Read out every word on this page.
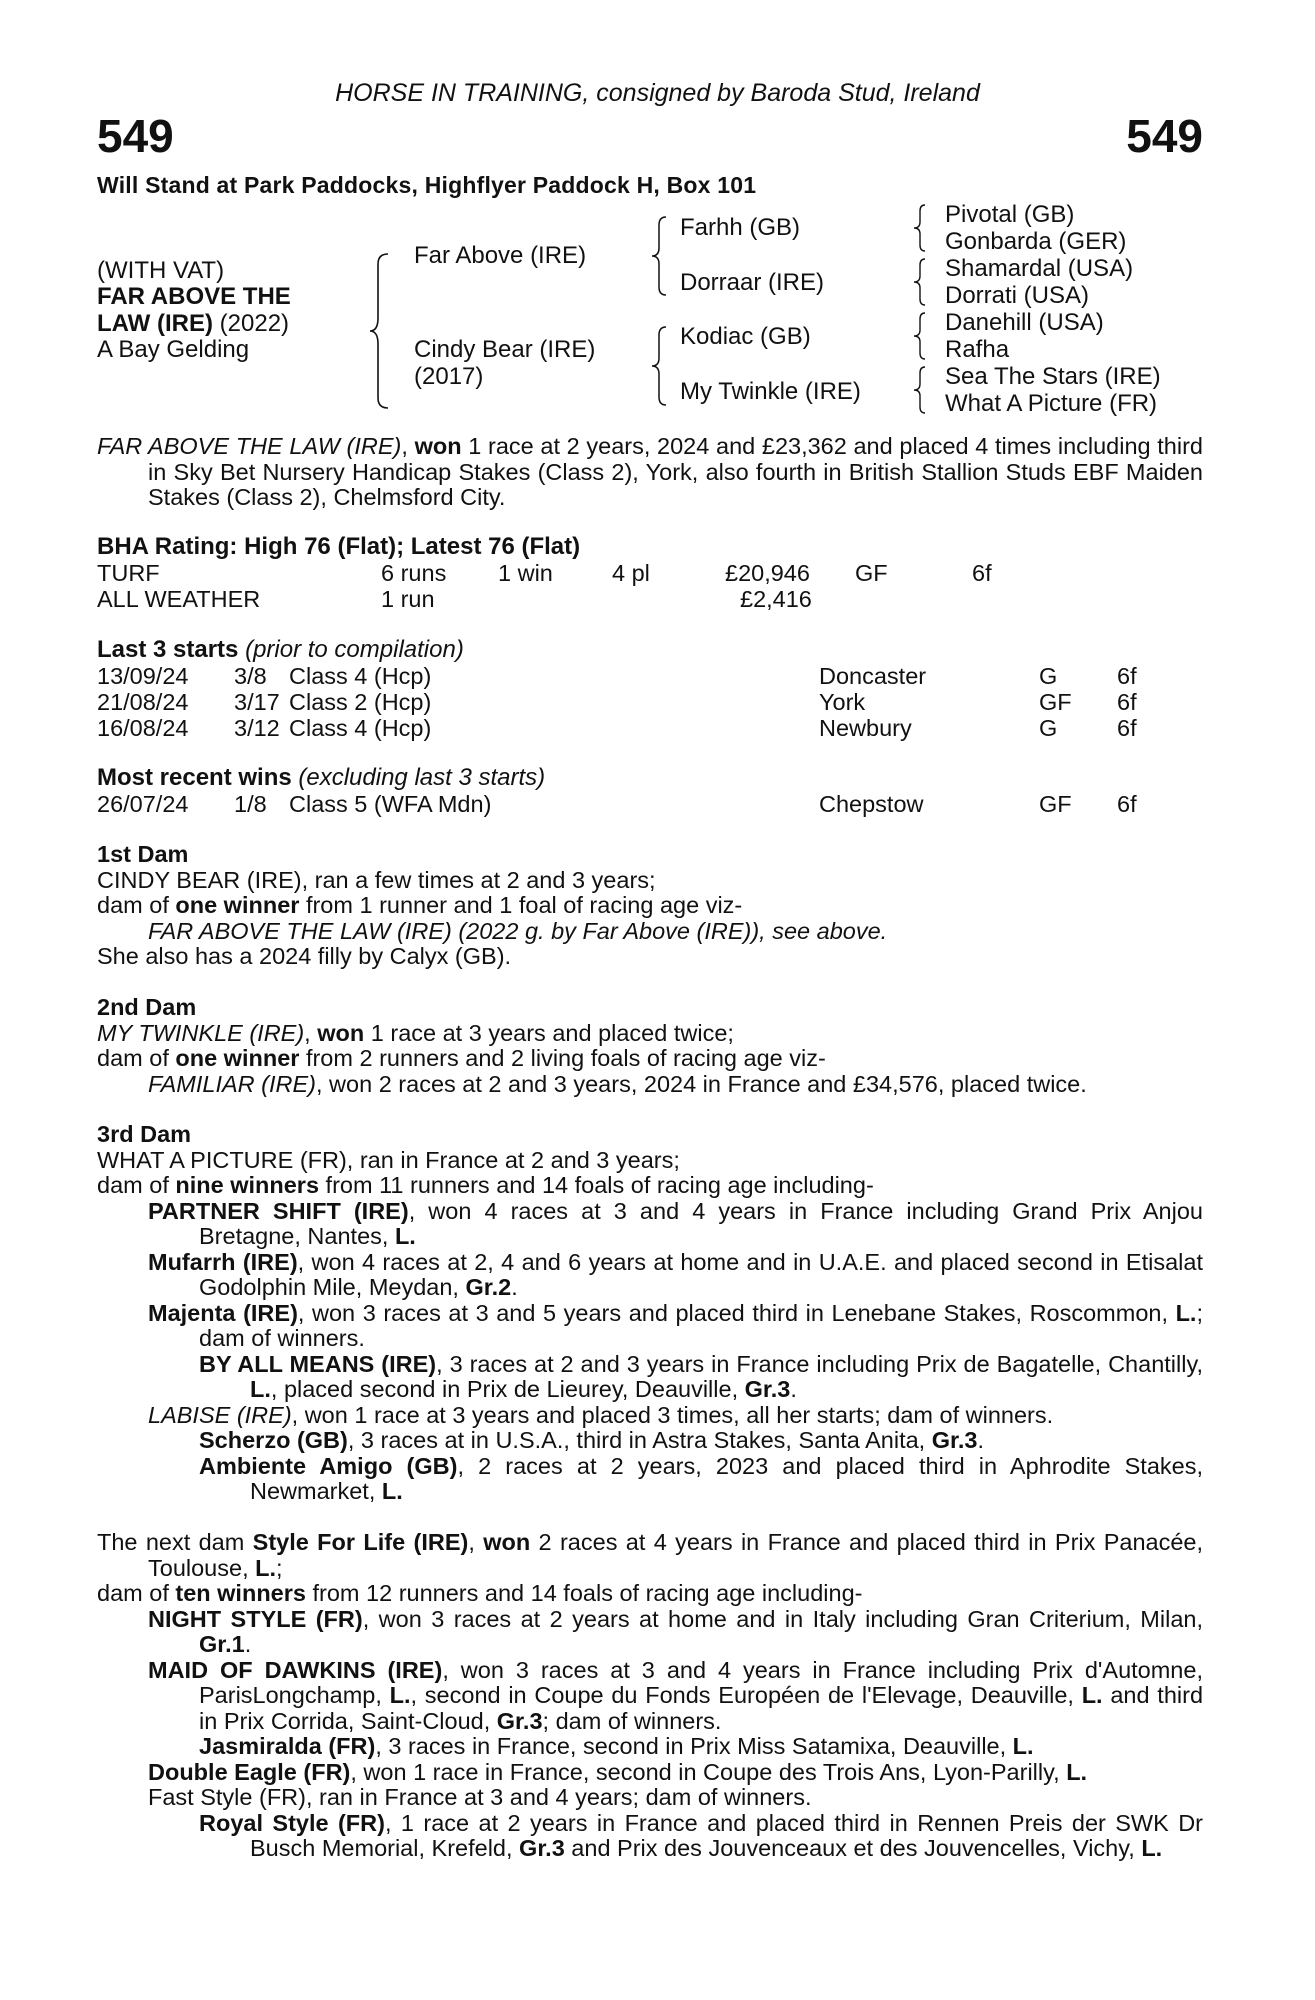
HORSE IN TRAINING, consigned by Baroda Stud, Ireland
549	549
Will Stand at Park Paddocks, Highflyer Paddock H, Box 101
(WITH VAT)
FAR ABOVE THE
LAW (IRE) (2022)
A Bay Gelding
Far Above (IRE)
Cindy Bear (IRE)
(2017)
Farhh (GB)
Dorraar (IRE)
Kodiac (GB)
My Twinkle (IRE)
Pivotal (GB)
Gonbarda (GER)
Shamardal (USA)
Dorrati (USA)
Danehill (USA)
Rafha
Sea The Stars (IRE)
What A Picture (FR)

FAR ABOVE THE LAW (IRE), won 1 race at 2 years, 2024 and £23,362 and placed 4 times including third in Sky Bet Nursery Handicap Stakes (Class 2), York, also fourth in British Stallion Studs EBF Maiden Stakes (Class 2), Chelmsford City.

BHA Rating: High 76 (Flat); Latest 76 (Flat)
TURF	6 runs 1 win	4 pl	£20,946 GF	6f
ALL WEATHER	1 run	£2,416
Last 3 starts (prior to compilation)
13/09/24 3/8 Class 4 (Hcp)	Doncaster	G	6f
21/08/24 3/17 Class 2 (Hcp)	York	GF 6f
16/08/24 3/12 Class 4 (Hcp)	Newbury	G	6f
Most recent wins (excluding last 3 starts)
26/07/24 1/8 Class 5 (WFA Mdn)	Chepstow	GF 6f

1st Dam

CINDY BEAR (IRE), ran a few times at 2 and 3 years;

dam of one winner from 1 runner and 1 foal of racing age viz-

FAR ABOVE THE LAW (IRE) (2022 g. by Far Above (IRE)), see above.

She also has a 2024 filly by Calyx (GB).

2nd Dam

MY TWINKLE (IRE), won 1 race at 3 years and placed twice;

dam of one winner from 2 runners and 2 living foals of racing age viz-

FAMILIAR (IRE), won 2 races at 2 and 3 years, 2024 in France and £34,576, placed twice.

3rd Dam

WHAT A PICTURE (FR), ran in France at 2 and 3 years;

dam of nine winners from 11 runners and 14 foals of racing age including-

PARTNER SHIFT (IRE), won 4 races at 3 and 4 years in France including Grand Prix Anjou Bretagne, Nantes, L.

Mufarrh (IRE), won 4 races at 2, 4 and 6 years at home and in U.A.E. and placed second in Etisalat Godolphin Mile, Meydan, Gr.2.

Majenta (IRE), won 3 races at 3 and 5 years and placed third in Lenebane Stakes, Roscommon, L.; dam of winners.

BY ALL MEANS (IRE), 3 races at 2 and 3 years in France including Prix de Bagatelle, Chantilly, L., placed second in Prix de Lieurey, Deauville, Gr.3.

LABISE (IRE), won 1 race at 3 years and placed 3 times, all her starts; dam of winners.

Scherzo (GB), 3 races at in U.S.A., third in Astra Stakes, Santa Anita, Gr.3.

Ambiente Amigo (GB), 2 races at 2 years, 2023 and placed third in Aphrodite Stakes, Newmarket, L.

The next dam Style For Life (IRE), won 2 races at 4 years in France and placed third in Prix Panacée, Toulouse, L.;

dam of ten winners from 12 runners and 14 foals of racing age including-

NIGHT STYLE (FR), won 3 races at 2 years at home and in Italy including Gran Criterium, Milan, Gr.1.

MAID OF DAWKINS (IRE), won 3 races at 3 and 4 years in France including Prix d'Automne, ParisLongchamp, L., second in Coupe du Fonds Européen de l'Elevage, Deauville, L. and third in Prix Corrida, Saint-Cloud, Gr.3; dam of winners.

Jasmiralda (FR), 3 races in France, second in Prix Miss Satamixa, Deauville, L.

Double Eagle (FR), won 1 race in France, second in Coupe des Trois Ans, Lyon-Parilly, L.

Fast Style (FR), ran in France at 3 and 4 years; dam of winners.

Royal Style (FR), 1 race at 2 years in France and placed third in Rennen Preis der SWK Dr Busch Memorial, Krefeld, Gr.3 and Prix des Jouvenceaux et des Jouvencelles, Vichy, L.
